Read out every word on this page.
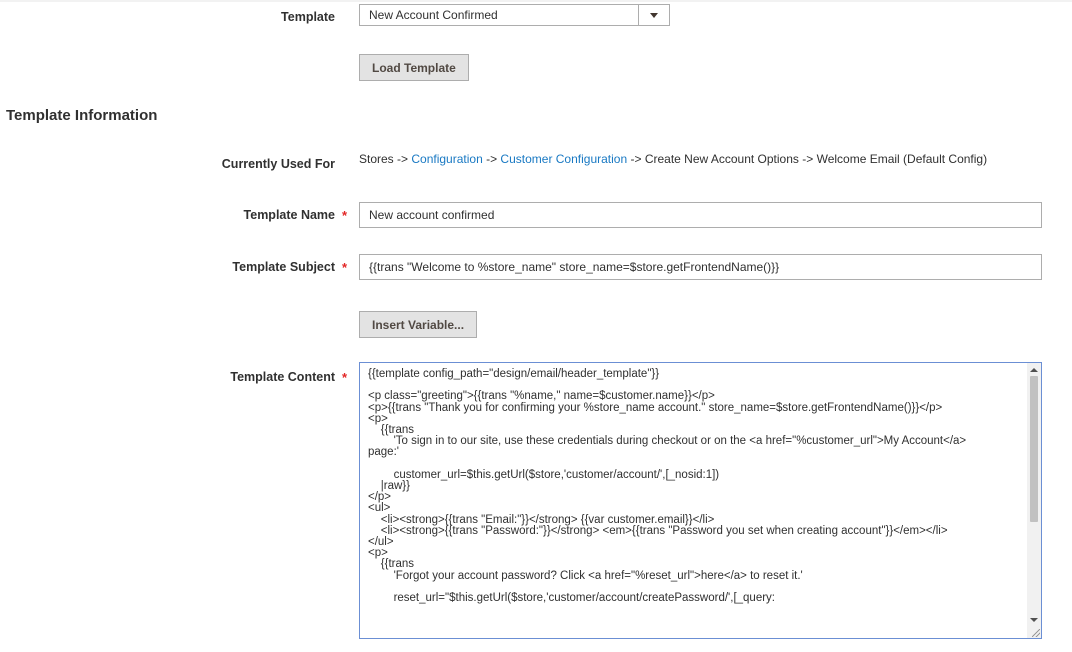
Template	New Account Confirmed
Load Template
Template Information
Currently Used For Stores -> Configuration -> Customer Configuration -> Create New Account Options -> Welcome Email (Default Config)
Template Name *
New account confirmed
Template Subject *
{{trans "Welcome to %store_name" store_name=$store.getFrontendName()}}
Insert Variable...
Template Content * {{template config_path="design/email/header_template"}}

<p class="greeting">{{trans "%name," name=$customer.name}}</p>
<p>{{trans "Thank you for confirming your %store_name account." store_name=$store.getFrontendName()}}</p>
<p>
{{trans
'To sign in to our site, use these credentials during checkout or on the <a href="%customer_url">My Account</a>
page:'

customer_url=$this.getUrl($store,'customer/account/',[_nosid:1])
|raw}}
</p>
<ul>
<li><strong>{{trans "Email:"}}</strong> {{var customer.email}}</li>
<li><strong>{{trans "Password:"}}</strong> <em>{{trans "Password you set when creating account"}}</em></li>
</ul>
<p>
{{trans
'Forgot your account password? Click <a href="%reset_url">here</a> to reset it.'

reset_url="$this.getUrl($store,'customer/account/createPassword/',[_query:
